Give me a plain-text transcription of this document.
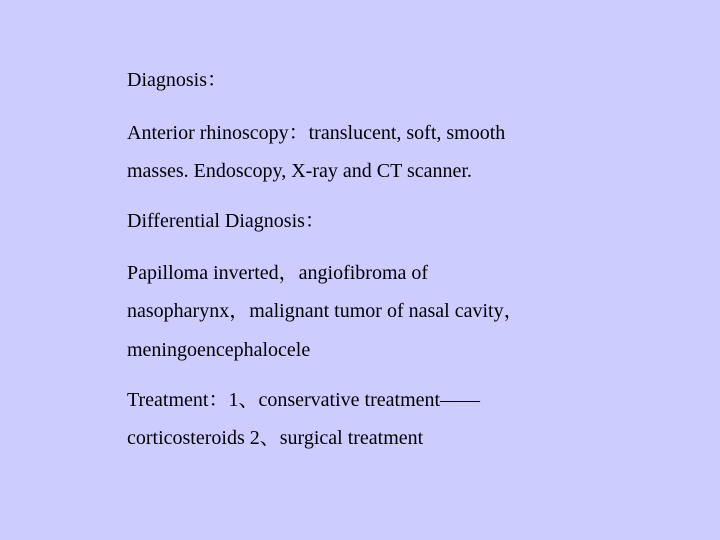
Diagnosis：
Anterior rhinoscopy：translucent, soft, smooth
masses. Endoscopy, X-ray and CT scanner.
Differential Diagnosis：
Papilloma inverted，angiofibroma of
nasopharynx，malignant tumor of nasal cavity，
meningoencephalocele
Treatment：1、conservative treatment——
corticosteroids 2、surgical treatment
